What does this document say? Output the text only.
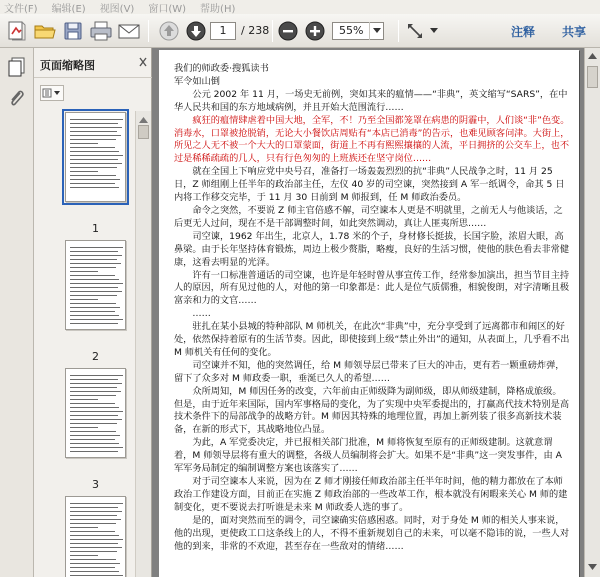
文件(F) 编辑(E) 视图(V) 窗口(W) 帮助(H)
1	/ 238	55%	注释 共享
页面缩略图
1
2
3

我们的师政委·搜狐读书

军令如山倒

公元 2002 年 11 月，一场史无前例，突如其来的瘟情——“非典”，英文缩写“SARS”，在中华人民共和国的东方地域病例，并且开始大范围流行……

疯狂的瘟情肆虐着中国大地，全军，不！乃至全国都笼罩在病患的阴霾中，人们谈“非”色变。消毒水，口罩被抢脱销，无论大小餐饮店周贴有“本店已消毒”的告示，也难见顾客问津。大街上，所见之人无不被一个大大的口罩蒙面，街道上不再有熙熙攘攘的人流，平日拥挤的公交车上，也不过是稀稀疏疏的几人，只有行色匆匆的上班族还在坚守岗位……

就在全国上下响应党中央号召，准备打一场轰轰烈烈的抗“非典”人民战争之时，11 月 25 日，Z 师组刚上任半年的政治部主任，左仪 40 岁的司空谏，突然接到 A 军一纸调令，命其 5 日内将工作移交完毕，于 11 月 30 日前到 M 师报到，任 M 师政治委员。

命令之突然，不要说 Z 师主官倍感不解，司空谏本人更是不明就里，之前无人与他谈话，之后更无人过问，现在不是干部调整时间，如此突然调动，真让人匪夷所思……

司空谏，1962 年出生，北京人，1.78 米的个子，身材修长挺拔，长国字脸，浓眉大眼，高鼻梁。由于长年坚持体育锻炼，周边上极少赘脂，略瘦，良好的生活习惯，使他的肤色看去非常健康，这看去明显的光泽。

许有一口标准普通话的司空谏，也许是年轻时曾从事宣传工作，经常参加演出，担当节目主持人的原因，所有见过他的人，对他的第一印象都是：此人是位气质儒雅，相貌俊朗，对字清晰且极富亲和力的文官……

……

驻扎在某小县城的特种部队 M 师机关，在此次“非典”中，充分享受到了远离都市和闹区的好处，依然保持着原有的生活节奏。因此，即使接到上级“禁止外出”的通知，从表面上，几乎看不出 M 师机关有任何的变化。

司空谏并不知，他的突然调任，给 M 师领导层已带来了巨大的冲击，更有若一颗重磅炸弹，留下了众多对 M 师政委一职，垂涎已久人的希望……

众所周知，M 师因任务的改变，六年前由正师级降为副师级，即从师级建制，降格成旅级。但是，由于近年来国际，国内军事格局的变化，为了实现中央军委提出的，打赢高代技术特别是高技术条件下的局部战争的战略方针。M 师因其特殊的地理位置，再加上新列装了很多高新技术装备，在新的形式下，其战略地位凸显。

为此，A 军党委决定，并已报相关部门批准，M 师将恢复至原有的正师级建制。这就意谓着，M 师领导层将有重大的调整，各级人员编制将会扩大。如果不是“非典”这一突发事件，由 A 军军务局制定的编制调整方案也该落实了……

对于司空谏本人来说，因为在 Z 师才刚接任师政治部主任半年时间，他的精力都放在了本师政治工作建设方面，目前正在实施 Z 师政治部的一些改革工作，根本就没有闲暇来关心 M 师的建制变化，更不要说去打听谁是未来 M 师政委人选的事了。

是的，面对突然而至的调令，司空谏确实倍感困惑。同时，对于身处 M 师的相关人事来说，他的出现，更使政工口这条线上的人，不得不重新规划自己的未来，可以毫不隐讳的说，一些人对他的到来，非常的不欢迎，甚至存在一些敌对的情绪……
